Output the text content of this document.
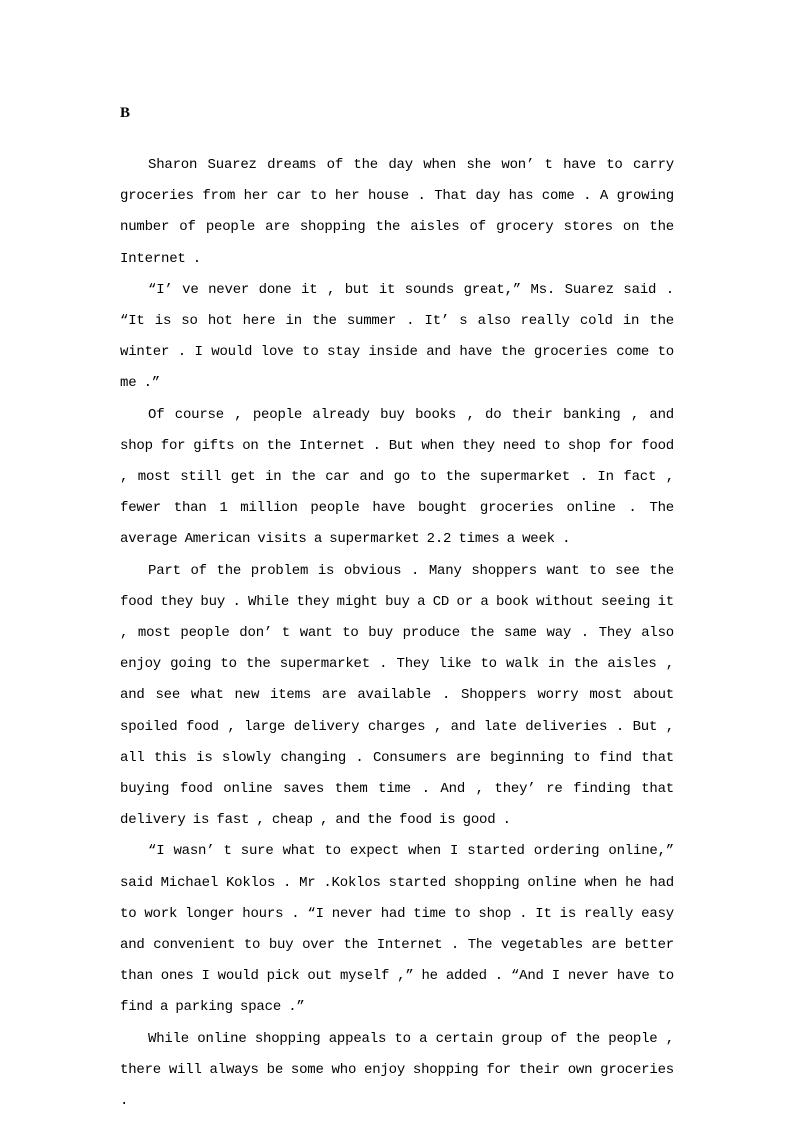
B

Sharon Suarez dreams of the day when she won’ t have to carry groceries from her car to her house . That day has come . A growing number of people are shopping the aisles of grocery stores on the Internet .

“I’ ve never done it , but it sounds great,” Ms. Suarez said . “It is so hot here in the summer . It’ s also really cold in the winter . I would love to stay inside and have the groceries come to me .”

Of course , people already buy books , do their banking , and shop for gifts on the Internet . But when they need to shop for food , most still get in the car and go to the supermarket . In fact , fewer than 1 million people have bought groceries online . The average American visits a supermarket 2.2 times a week .

Part of the problem is obvious . Many shoppers want to see the food they buy . While they might buy a CD or a book without seeing it , most people don’ t want to buy produce the same way . They also enjoy going to the supermarket . They like to walk in the aisles , and see what new items are available . Shoppers worry most about spoiled food , large delivery charges , and late deliveries . But , all this is slowly changing . Consumers are beginning to find that buying food online saves them time . And , they’ re finding that delivery is fast , cheap , and the food is good .

“I wasn’ t sure what to expect when I started ordering online,” said Michael Koklos . Mr .Koklos started shopping online when he had to work longer hours . “I never had time to shop . It is really easy and convenient to buy over the Internet . The vegetables are better than ones I would pick out myself ,” he added . “And I never have to find a parking space .”

While online shopping appeals to a certain group of the people , there will always be some who enjoy shopping for their own groceries .
